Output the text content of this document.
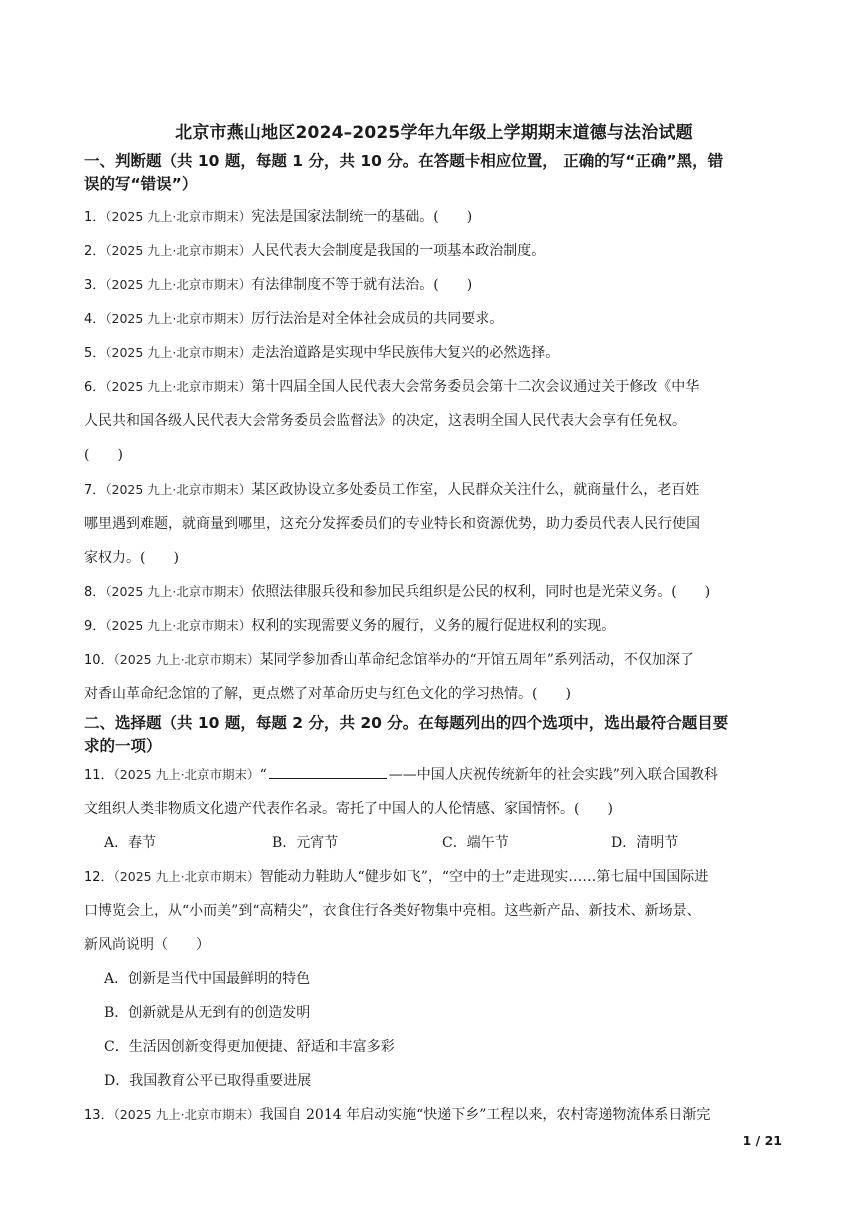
北京市燕山地区2024–2025学年九年级上学期期末道德与法治试题
一、判断题（共 10 题，每题 1 分，共 10 分。在答题卡相应位置， 正确的写“正确”黑，错
误的写“错误”）
1．（2025 九上·北京市期末）宪法是国家法制统一的基础。(　　)
2．（2025 九上·北京市期末）人民代表大会制度是我国的一项基本政治制度。
3．（2025 九上·北京市期末）有法律制度不等于就有法治。(　　)
4．（2025 九上·北京市期末）厉行法治是对全体社会成员的共同要求。
5．（2025 九上·北京市期末）走法治道路是实现中华民族伟大复兴的必然选择。
6．（2025 九上·北京市期末）第十四届全国人民代表大会常务委员会第十二次会议通过关于修改《中华
人民共和国各级人民代表大会常务委员会监督法》的决定，这表明全国人民代表大会享有任免权。
(　　)
7．（2025 九上·北京市期末）某区政协设立多处委员工作室，人民群众关注什么，就商量什么，老百姓
哪里遇到难题，就商量到哪里，这充分发挥委员们的专业特长和资源优势，助力委员代表人民行使国
家权力。(　　)
8．（2025 九上·北京市期末）依照法律服兵役和参加民兵组织是公民的权利，同时也是光荣义务。(　　)
9．（2025 九上·北京市期末）权利的实现需要义务的履行，义务的履行促进权利的实现。
10．（2025 九上·北京市期末）某同学参加香山革命纪念馆举办的“开馆五周年”系列活动，不仅加深了
对香山革命纪念馆的了解，更点燃了对革命历史与红色文化的学习热情。(　　)
二、选择题（共 10 题，每题 2 分，共 20 分。在每题列出的四个选项中，选出最符合题目要
求的一项）
11．（2025 九上·北京市期末）“	——中国人庆祝传统新年的社会实践”列入联合国教科
文组织人类非物质文化遗产代表作名录。寄托了中国人的人伦情感、家国情怀。(　　)
A．春节	B．元宵节	C．端午节	D．清明节
12．（2025 九上·北京市期末）智能动力鞋助人“健步如飞”，“空中的士”走进现实……第七届中国国际进
口博览会上，从“小而美”到“高精尖”，衣食住行各类好物集中亮相。这些新产品、新技术、新场景、
新风尚说明（　　）
A．创新是当代中国最鲜明的特色
B．创新就是从无到有的创造发明
C．生活因创新变得更加便捷、舒适和丰富多彩
D．我国教育公平已取得重要进展
13．（2025 九上·北京市期末）我国自 2014 年启动实施“快递下乡”工程以来，农村寄递物流体系日渐完
1 / 21
